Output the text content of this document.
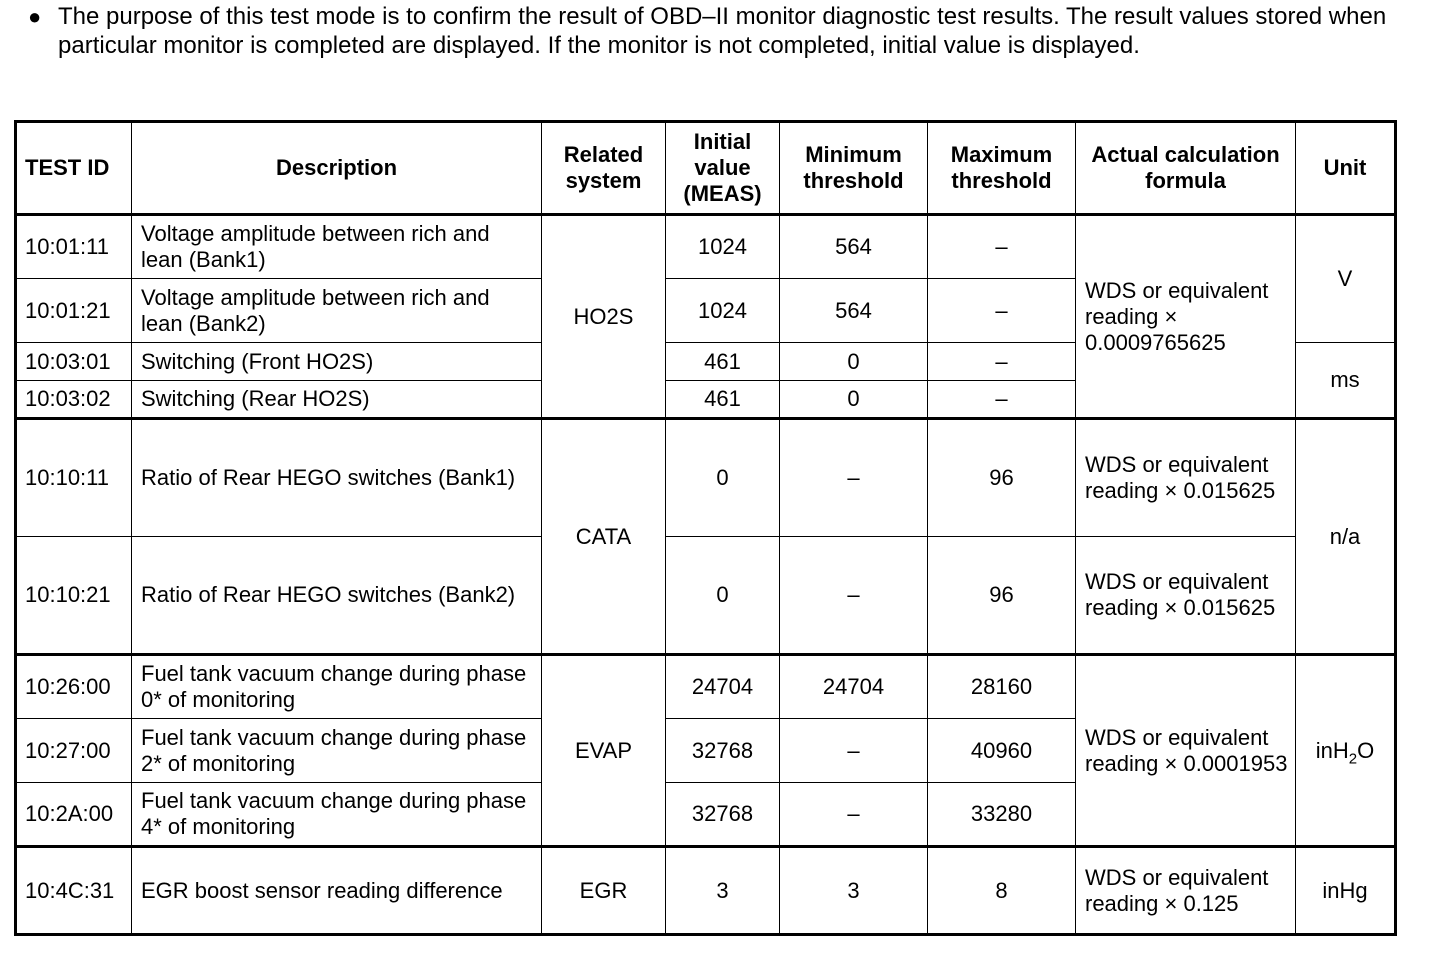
● The purpose of this test mode is to confirm the result of OBD–II monitor diagnostic test results. The result values stored when particular monitor is completed are displayed. If the monitor is not completed, initial value is displayed.

TEST ID	Description	Related system	Initial value (MEAS)	Minimum threshold	Maximum threshold	Actual calculation formula	Unit
10:01:11	Voltage amplitude between rich and lean (Bank1)	HO2S	1024	564	–	WDS or equivalent reading × 0.0009765625	V
10:01:21	Voltage amplitude between rich and lean (Bank2)		1024	564	–		
10:03:01	Switching (Front HO2S)		461	0	–		ms
10:03:02	Switching (Rear HO2S)		461	0	–		
10:10:11	Ratio of Rear HEGO switches (Bank1)	CATA	0	–	96	WDS or equivalent reading × 0.015625	n/a
10:10:21	Ratio of Rear HEGO switches (Bank2)		0	–	96	WDS or equivalent reading × 0.015625	
10:26:00	Fuel tank vacuum change during phase 0* of monitoring	EVAP	24704	24704	28160	WDS or equivalent reading × 0.0001953	inH$_2$O
10:27:00	Fuel tank vacuum change during phase 2* of monitoring		32768	–	40960		
10:2A:00	Fuel tank vacuum change during phase 4* of monitoring		32768	–	33280		
10:4C:31	EGR boost sensor reading difference	EGR	3	3	8	WDS or equivalent reading × 0.125	inHg
